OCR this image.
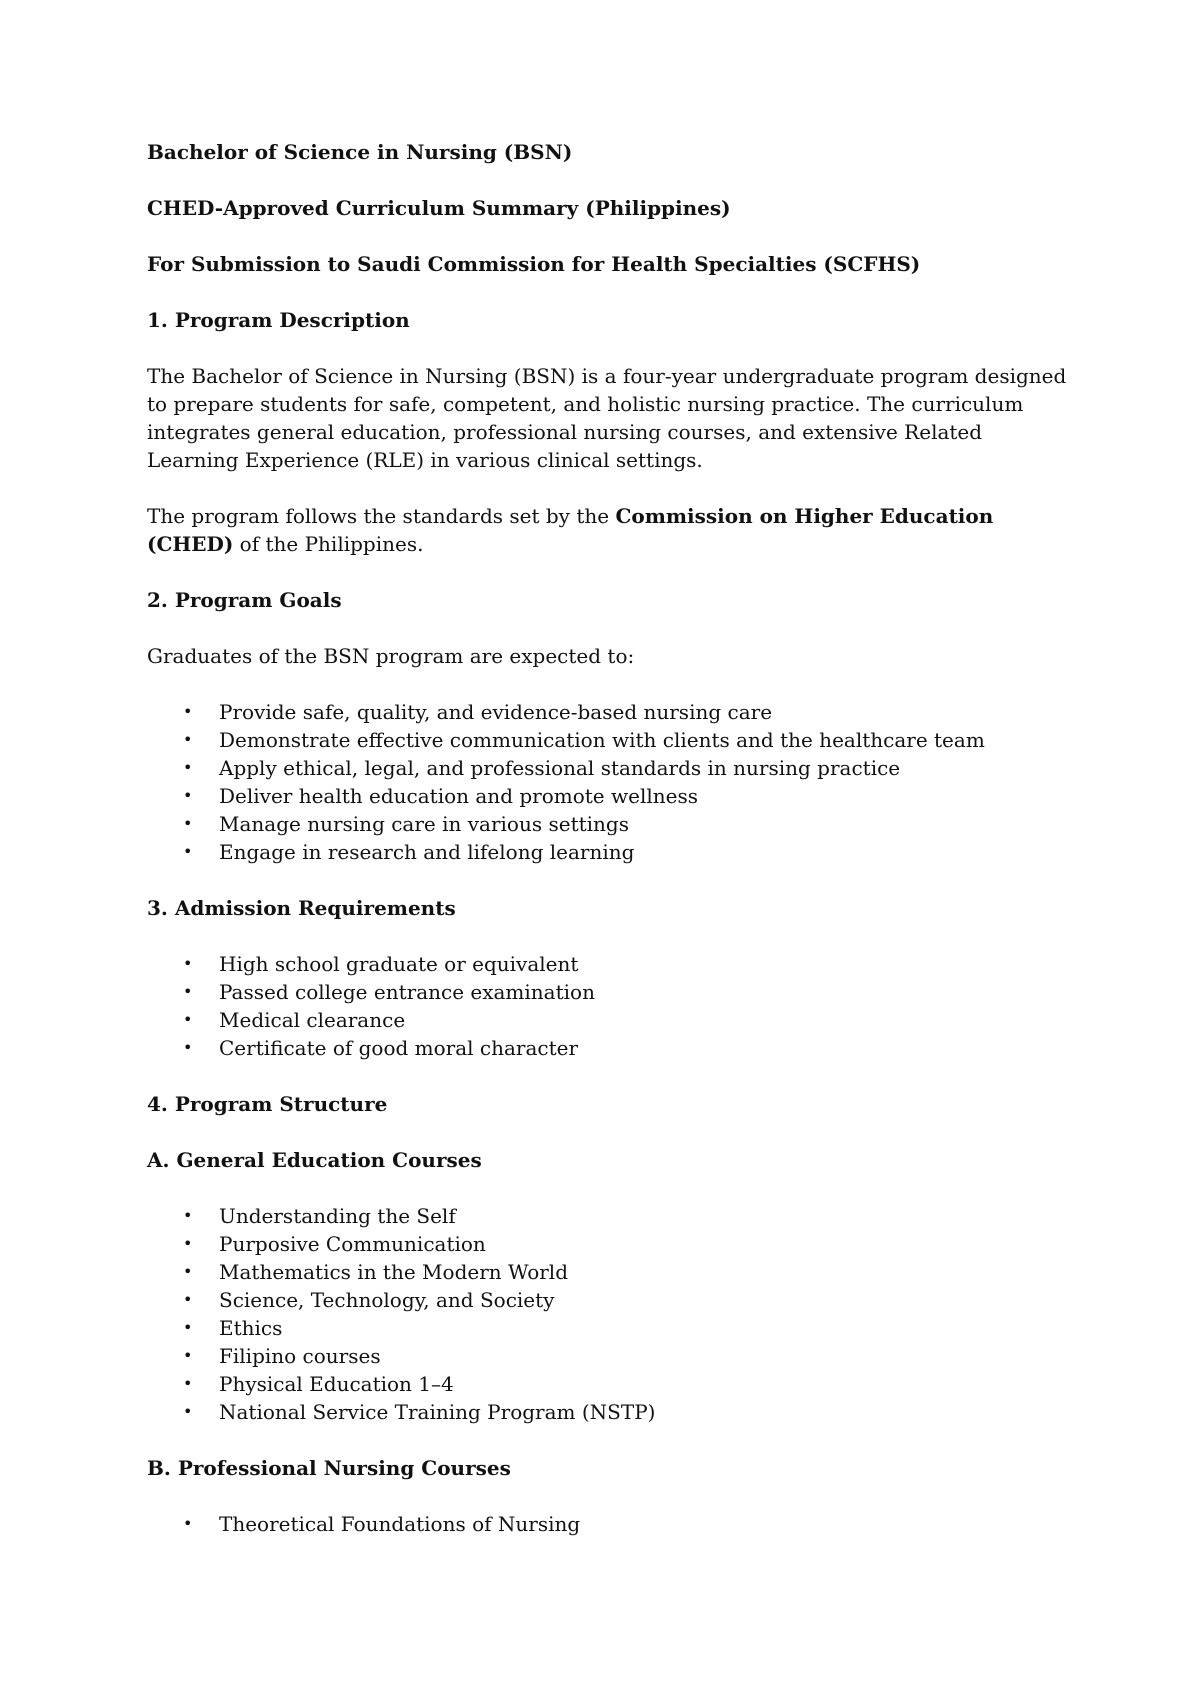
Bachelor of Science in Nursing (BSN)

CHED-Approved Curriculum Summary (Philippines)

For Submission to Saudi Commission for Health Specialties (SCFHS)

1. Program Description

The Bachelor of Science in Nursing (BSN) is a four-year undergraduate program designed to prepare students for safe, competent, and holistic nursing practice. The curriculum integrates general education, professional nursing courses, and extensive Related Learning Experience (RLE) in various clinical settings.

The program follows the standards set by the Commission on Higher Education (CHED) of the Philippines.

2. Program Goals

Graduates of the BSN program are expected to:

• Provide safe, quality, and evidence-based nursing care
• Demonstrate effective communication with clients and the healthcare team
• Apply ethical, legal, and professional standards in nursing practice
• Deliver health education and promote wellness
• Manage nursing care in various settings
• Engage in research and lifelong learning
3. Admission Requirements
• High school graduate or equivalent
• Passed college entrance examination
• Medical clearance
• Certificate of good moral character
4. Program Structure
A. General Education Courses
• Understanding the Self
• Purposive Communication
• Mathematics in the Modern World
• Science, Technology, and Society
• Ethics
• Filipino courses
• Physical Education 1–4
• National Service Training Program (NSTP)
B. Professional Nursing Courses
• Theoretical Foundations of Nursing
